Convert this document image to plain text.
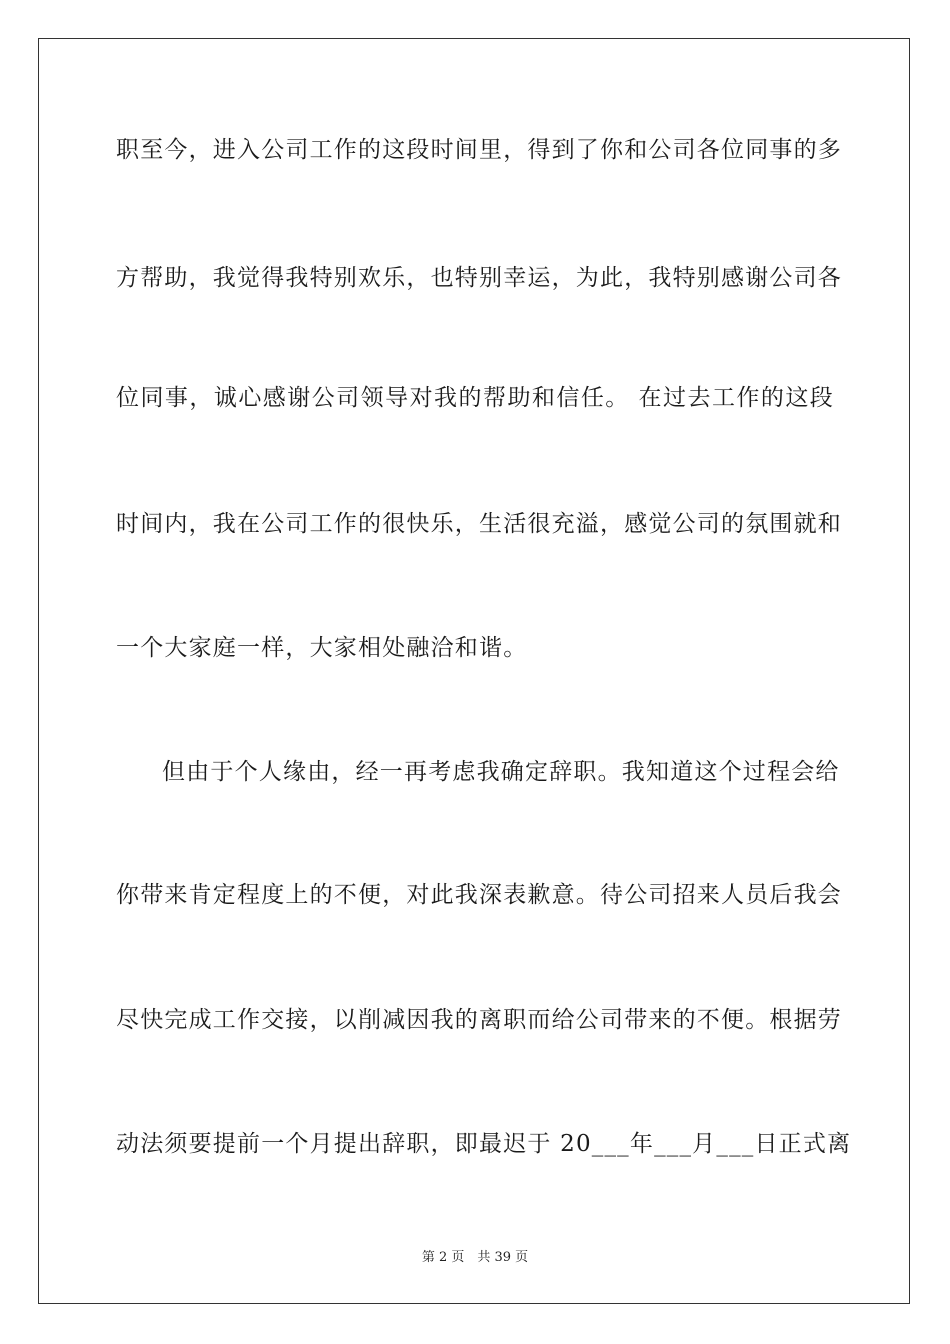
职至今，进入公司工作的这段时间里，得到了你和公司各位同事的多
方帮助，我觉得我特别欢乐，也特别幸运，为此，我特别感谢公司各
位同事，诚心感谢公司领导对我的帮助和信任。 在过去工作的这段
时间内，我在公司工作的很快乐，生活很充溢，感觉公司的氛围就和
一个大家庭一样，大家相处融洽和谐。
但由于个人缘由，经一再考虑我确定辞职。我知道这个过程会给
你带来肯定程度上的不便，对此我深表歉意。待公司招来人员后我会
尽快完成工作交接，以削减因我的离职而给公司带来的不便。根据劳
动法须要提前一个月提出辞职，即最迟于 20___年___月___日正式离
第 2 页　共 39 页
